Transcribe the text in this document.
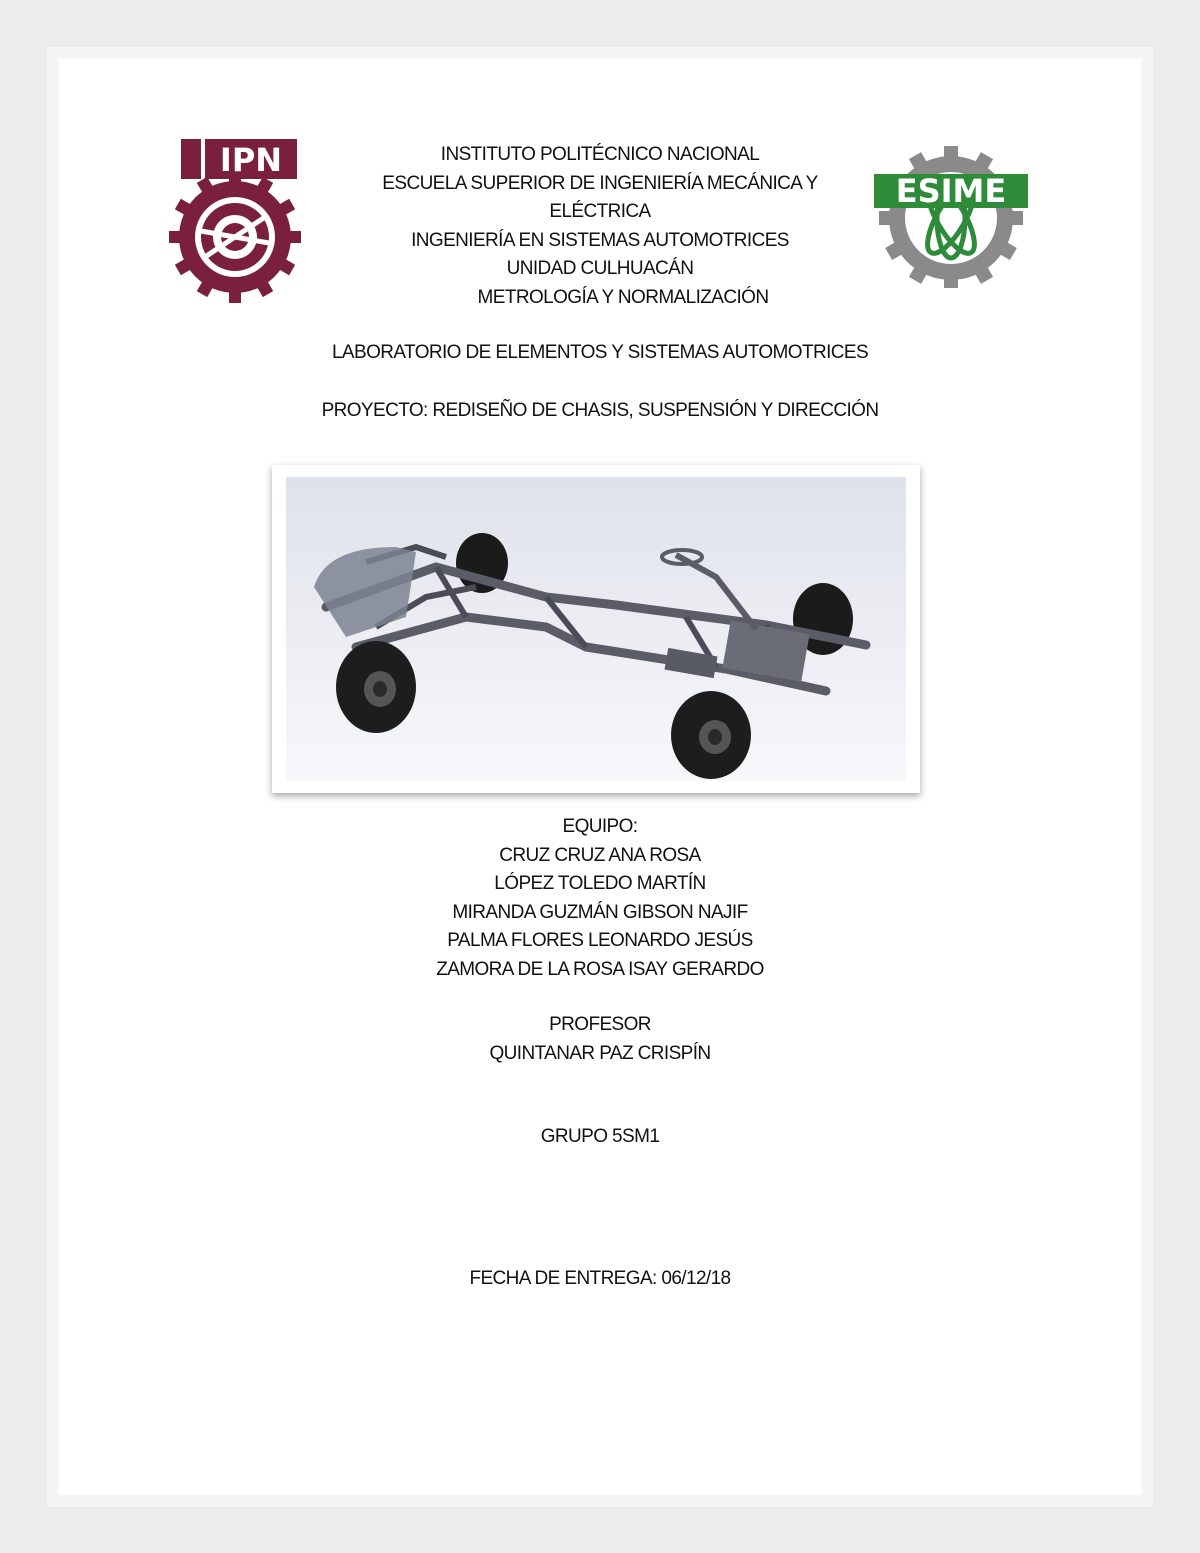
IPN	INSTITUTO POLITÉCNICO NACIONAL
ESCUELA SUPERIOR DE INGENIERÍA MECÁNICA Y
ELÉCTRICA
INGENIERÍA EN SISTEMAS AUTOMOTRICES
UNIDAD CULHUACÁN
METROLOGÍA Y NORMALIZACIÓN
ESIME
LABORATORIO DE ELEMENTOS Y SISTEMAS AUTOMOTRICES
PROYECTO: REDISEÑO DE CHASIS, SUSPENSIÓN Y DIRECCIÓN
EQUIPO:
CRUZ CRUZ ANA ROSA
LÓPEZ TOLEDO MARTÍN
MIRANDA GUZMÁN GIBSON NAJIF
PALMA FLORES LEONARDO JESÚS
ZAMORA DE LA ROSA ISAY GERARDO
PROFESOR
QUINTANAR PAZ CRISPÍN
GRUPO 5SM1
FECHA DE ENTREGA: 06/12/18
